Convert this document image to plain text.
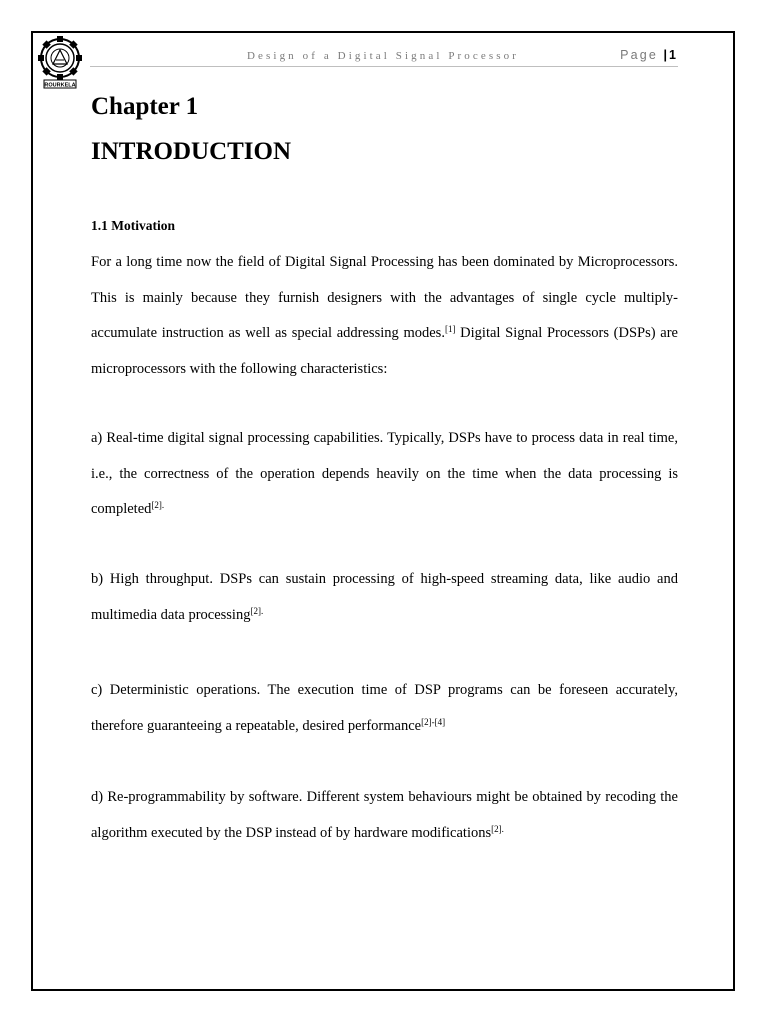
ROURKELA
Design of a Digital Signal Processor	Page | 1
Chapter 1
INTRODUCTION
1.1 Motivation

For a long time now the field of Digital Signal Processing has been dominated by Microprocessors. This is mainly because they furnish designers with the advantages of single cycle multiply-accumulate instruction as well as special addressing modes.[1] Digital Signal Processors (DSPs) are microprocessors with the following characteristics:

a) Real-time digital signal processing capabilities. Typically, DSPs have to process data in real time, i.e., the correctness of the operation depends heavily on the time when the data processing is completed$^{[2].}$

b) High throughput. DSPs can sustain processing of high-speed streaming data, like audio and multimedia data processing$^{[2].}$

c) Deterministic operations. The execution time of DSP programs can be foreseen accurately, therefore guaranteeing a repeatable, desired performance[2]-[4]

d) Re-programmability by software. Different system behaviours might be obtained by recoding the algorithm executed by the DSP instead of by hardware modifications$^{[2].}$
